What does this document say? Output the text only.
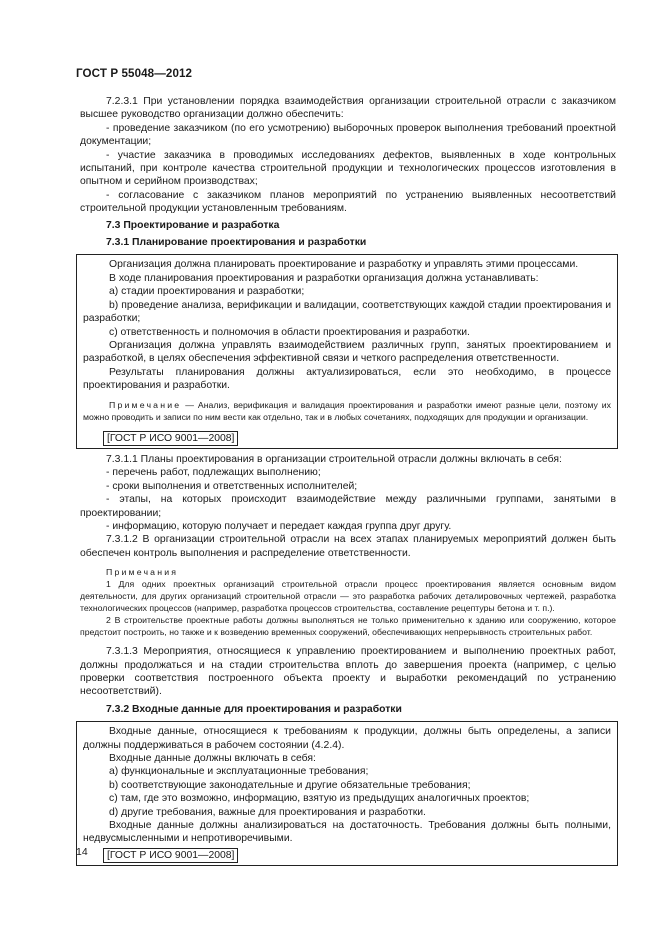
ГОСТ Р 55048—2012

7.2.3.1 При установлении порядка взаимодействия организации строительной отрасли с заказчиком высшее руководство организации должно обеспечить:

- проведение заказчиком (по его усмотрению) выборочных проверок выполнения требований проектной документации;

- участие заказчика в проводимых исследованиях дефектов, выявленных в ходе контрольных испытаний, при контроле качества строительной продукции и технологических процессов изготовления в опытном и серийном производствах;

- согласование с заказчиком планов мероприятий по устранению выявленных несоответствий строительной продукции установленным требованиям.

7.3 Проектирование и разработка

7.3.1 Планирование проектирования и разработки

Организация должна планировать проектирование и разработку и управлять этими процессами.

В ходе планирования проектирования и разработки организация должна устанавливать:

а) стадии проектирования и разработки;

b) проведение анализа, верификации и валидации, соответствующих каждой стадии проектирования и разработки;

c) ответственность и полномочия в области проектирования и разработки.

Организация должна управлять взаимодействием различных групп, занятых проектированием и разработкой, в целях обеспечения эффективной связи и четкого распределения ответственности.

Результаты планирования должны актуализироваться, если это необходимо, в процессе проектирования и разработки.

Примечание — Анализ, верификация и валидация проектирования и разработки имеют разные цели, поэтому их можно проводить и записи по ним вести как отдельно, так и в любых сочетаниях, подходящих для продукции и организации.

[ГОСТ Р ИСО 9001—2008]

7.3.1.1 Планы проектирования в организации строительной отрасли должны включать в себя:

- перечень работ, подлежащих выполнению;

- сроки выполнения и ответственных исполнителей;

- этапы, на которых происходит взаимодействие между различными группами, занятыми в проектировании;

- информацию, которую получает и передает каждая группа друг другу.

7.3.1.2 В организации строительной отрасли на всех этапах планируемых мероприятий должен быть обеспечен контроль выполнения и распределение ответственности.

Примечания

1 Для одних проектных организаций строительной отрасли процесс проектирования является основным видом деятельности, для других организаций строительной отрасли — это разработка рабочих деталировочных чертежей, разработка технологических процессов (например, разработка процессов строительства, составление рецептуры бетона и т. п.).

2 В строительстве проектные работы должны выполняться не только применительно к зданию или сооружению, которое предстоит построить, но также и к возведению временных сооружений, обеспечивающих непрерывность строительных работ.

7.3.1.3 Мероприятия, относящиеся к управлению проектированием и выполнению проектных работ, должны продолжаться и на стадии строительства вплоть до завершения проекта (например, с целью проверки соответствия построенного объекта проекту и выработки рекомендаций по устранению несоответствий).

7.3.2 Входные данные для проектирования и разработки

Входные данные, относящиеся к требованиям к продукции, должны быть определены, а записи должны поддерживаться в рабочем состоянии (4.2.4).

Входные данные должны включать в себя:

а) функциональные и эксплуатационные требования;

b) соответствующие законодательные и другие обязательные требования;

c) там, где это возможно, информацию, взятую из предыдущих аналогичных проектов;

d) другие требования, важные для проектирования и разработки.

Входные данные должны анализироваться на достаточность. Требования должны быть полными, недвусмысленными и непротиворечивыми.

[ГОСТ Р ИСО 9001—2008]
14
